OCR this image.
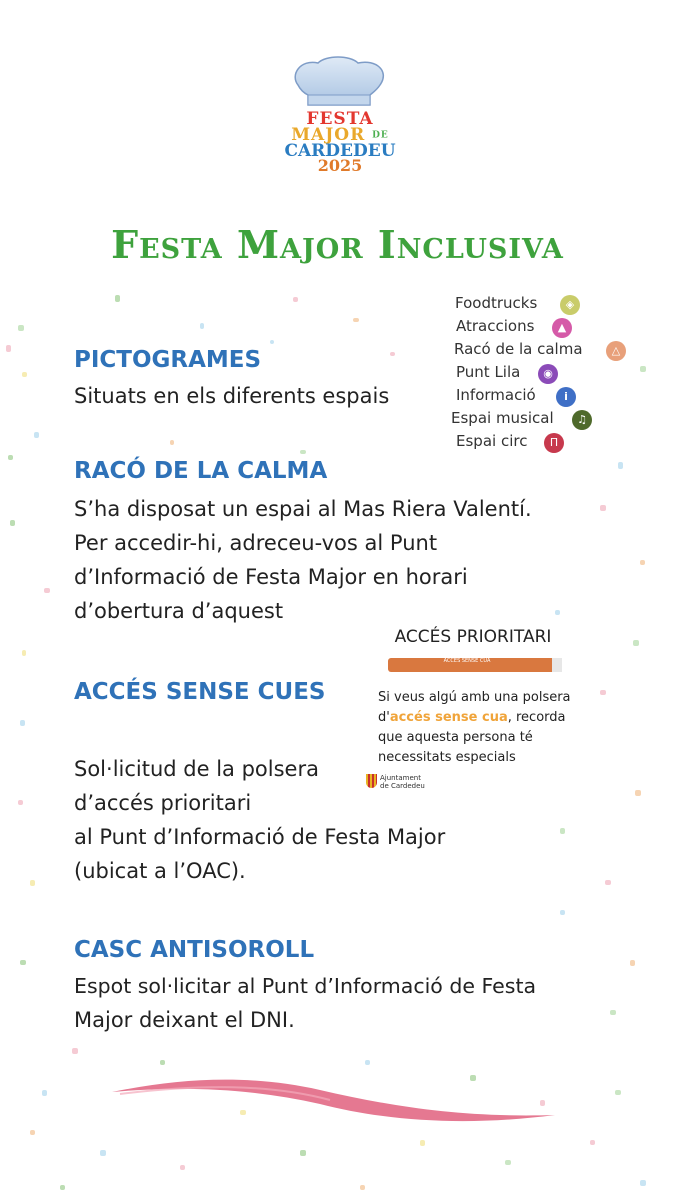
FESTA
MAJOR DE
CARDEDEU
2025
Festa Major Inclusiva
PICTOGRAMES
Situats en els diferents espais
Foodtrucks	◈
Atraccions	▲
Racó de la calma	△
Punt Lila	◉
Informació	i
Espai musical	♫
Espai circ	Π
RACÓ DE LA CALMA
S’ha disposat un espai al Mas Riera Valentí.
Per accedir-hi, adreceu-vos al Punt
d’Informació de Festa Major en horari
d’obertura d’aquest
ACCÉS PRIORITARI
ACCÉS SENSE CUA
Si veus algú amb una polsera d'accés sense cua, recorda que aquesta persona té necessitats especials
Ajuntament
de Cardedeu
ACCÉS SENSE CUES
Sol·licitud de la polsera
d’accés prioritari
al Punt d’Informació de Festa Major
(ubicat a l’OAC).
CASC ANTISOROLL
Espot sol·licitar al Punt d’Informació de Festa
Major deixant el DNI.
